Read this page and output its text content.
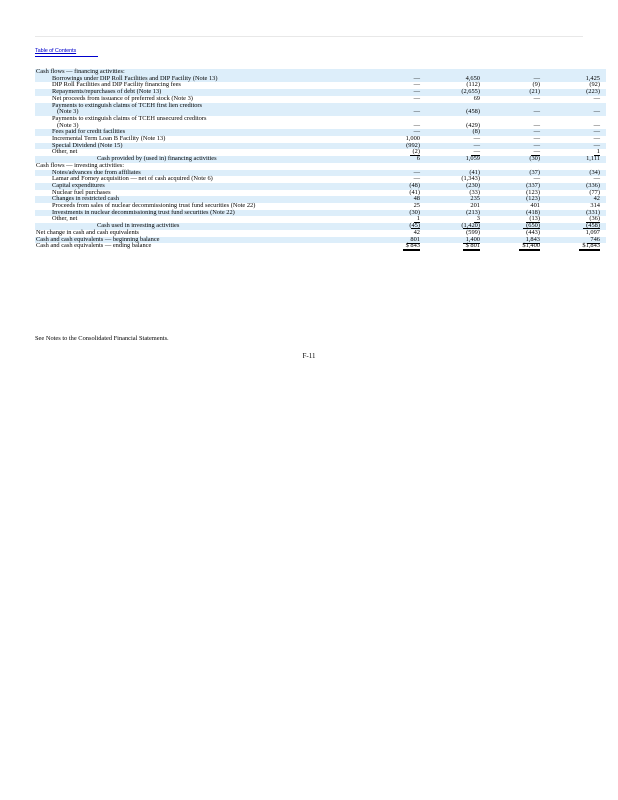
Table of Contents
Cash flows — financing activities:								
Borrowings under DIP Roll Facilities and DIP Facility (Note 13)		—		4,650		—		1,425
DIP Roll Facilities and DIP Facility financing fees		—		(112)		(9)		(92)
Repayments/repurchases of debt (Note 13)		—		(2,655)		(21)		(223)
Net proceeds from issuance of preferred stock (Note 3)		—		69		—		—
Payments to extinguish claims of TCEH first lien creditors								
(Note 3)		—		(458)		—		—
Payments to extinguish claims of TCEH unsecured creditors								
(Note 3)		—		(429)		—		—
Fees paid for credit facilities		—		(8)		—		—
Incremental Term Loan B Facility (Note 13)		1,000		—		—		—
Special Dividend (Note 15)		(992)		—		—		—
Other, net		(2)		—		—		1
Cash provided by (used in) financing activities		6		1,059		(30)		1,111
Cash flows — investing activities:								
Notes/advances due from affiliates		—		(41)		(37)		(34)
Lamar and Forney acquisition — net of cash acquired (Note 6)		—		(1,343)		—		—
Capital expenditures		(48)		(230)		(337)		(336)
Nuclear fuel purchases		(41)		(33)		(123)		(77)
Changes in restricted cash		48		235		(123)		42
Proceeds from sales of nuclear decommissioning trust fund securities (Note 22)		25		201		401		314
Investments in nuclear decommissioning trust fund securities (Note 22)		(30)		(213)		(418)		(331)
Other, net		1		3		(13)		(36)
Cash used in investing activities		(45)		(1,420)		(650)		(458)
Net change in cash and cash equivalents		42		(599)		(443)		1,097
Cash and cash equivalents — beginning balance		801		1,400		1,843		746
Cash and cash equivalents — ending balance		$ 843		$ 801		$1,400		$1,843
See Notes to the Consolidated Financial Statements.
F-11
